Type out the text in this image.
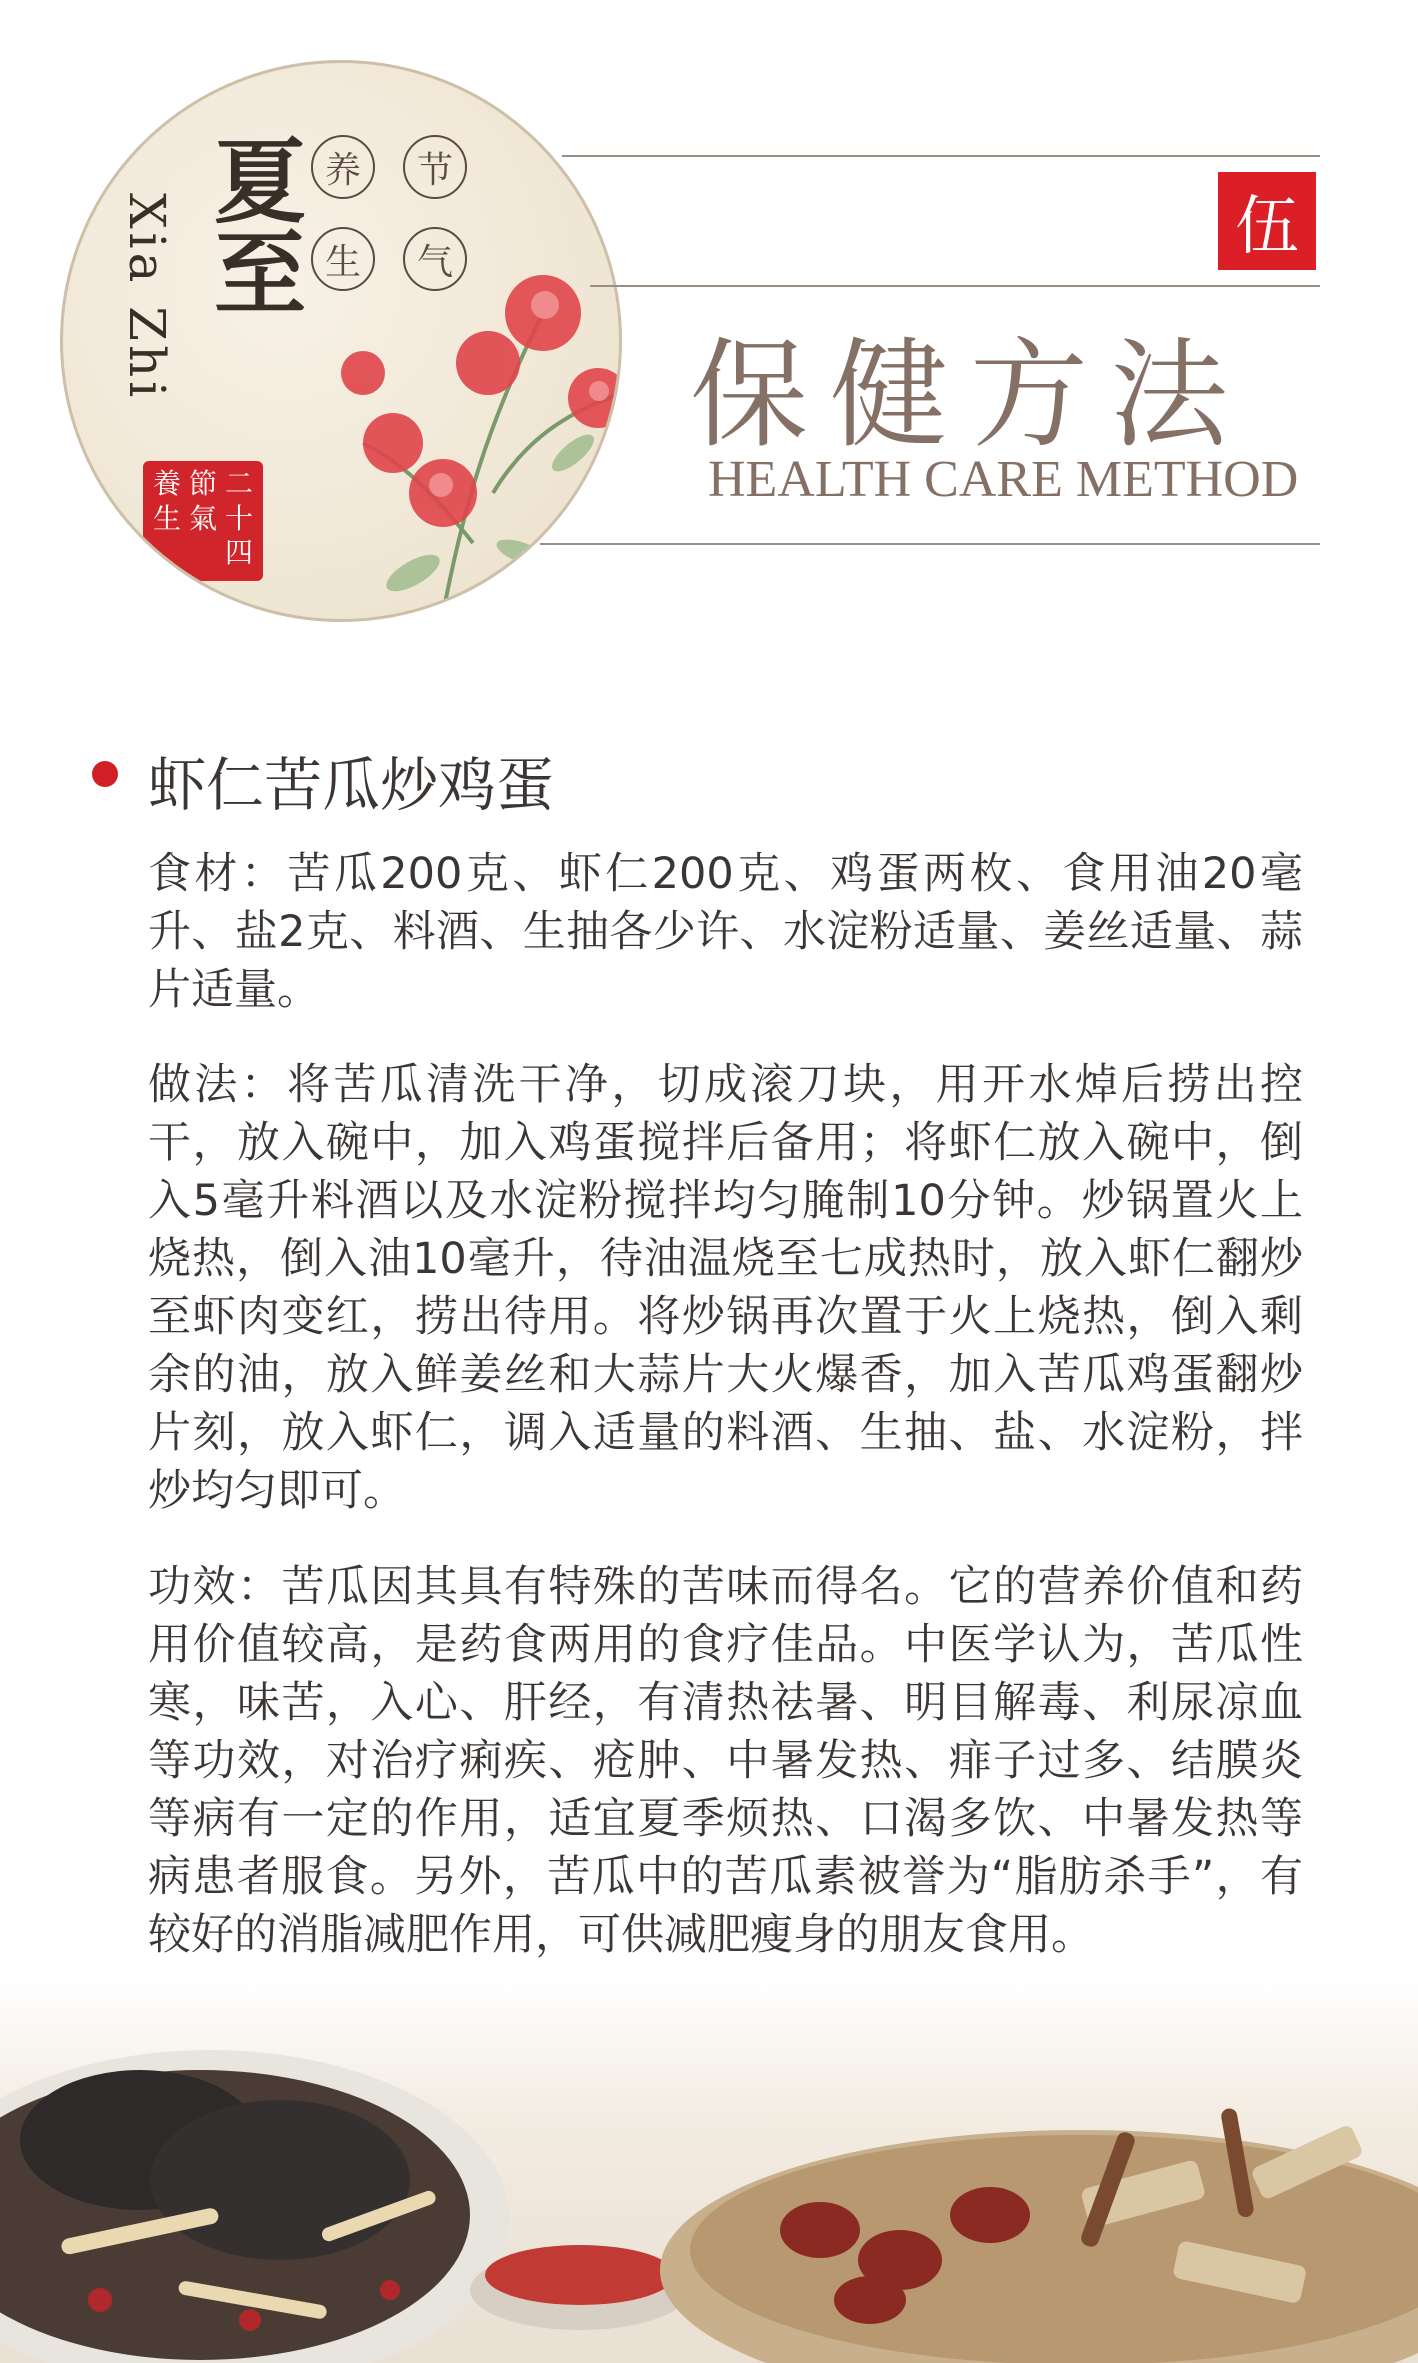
Xia Zhi 夏至 养	节
生	气
養 節 二
生 氣 十
四
伍
保健方法
HEALTH CARE METHOD
虾仁苦瓜炒鸡蛋

食材：苦瓜200克、虾仁200克、鸡蛋两枚、食用油20毫升、盐2克、料酒、生抽各少许、水淀粉适量、姜丝适量、蒜片适量。

做法：将苦瓜清洗干净，切成滚刀块，用开水焯后捞出控干，放入碗中，加入鸡蛋搅拌后备用；将虾仁放入碗中，倒入5毫升料酒以及水淀粉搅拌均匀腌制10分钟。炒锅置火上烧热，倒入油10毫升，待油温烧至七成热时，放入虾仁翻炒至虾肉变红，捞出待用。将炒锅再次置于火上烧热，倒入剩余的油，放入鲜姜丝和大蒜片大火爆香，加入苦瓜鸡蛋翻炒片刻，放入虾仁，调入适量的料酒、生抽、盐、水淀粉，拌炒均匀即可。

功效：苦瓜因其具有特殊的苦味而得名。它的营养价值和药用价值较高，是药食两用的食疗佳品。中医学认为，苦瓜性寒，味苦，入心、肝经，有清热祛暑、明目解毒、利尿凉血等功效，对治疗痢疾、疮肿、中暑发热、痱子过多、结膜炎等病有一定的作用，适宜夏季烦热、口渴多饮、中暑发热等病患者服食。另外，苦瓜中的苦瓜素被誉为“脂肪杀手”，有较好的消脂减肥作用，可供减肥瘦身的朋友食用。
